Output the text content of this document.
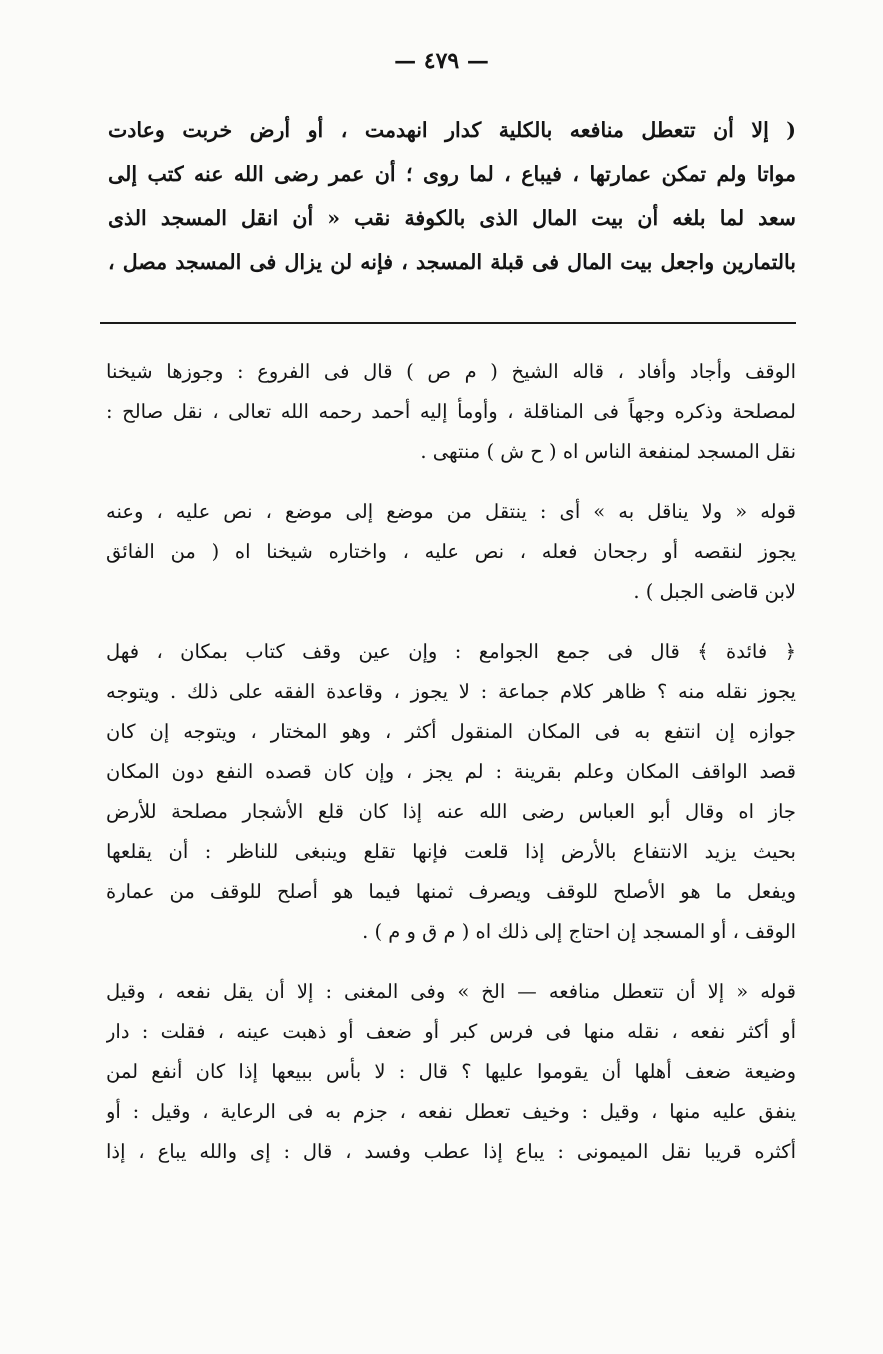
— ٤٧٩ —
( إلا أن تتعطل منافعه بالكلية كدار انهدمت ، أو أرض خربت وعادت
مواتا ولم تمكن عمارتها ، فيباع ، لما روى ؛ أن عمر رضى الله عنه كتب إلى
سعد لما بلغه أن بيت المال الذى بالكوفة نقب « أن انقل المسجد الذى
بالتمارين واجعل بيت المال فى قبلة المسجد ، فإنه لن يزال فى المسجد مصل ،
الوقف وأجاد وأفاد ، قاله الشيخ ( م ص ) قال فى الفروع : وجوزها شيخنا
لمصلحة وذكره وجهاً فى المناقلة ، وأومأ إليه أحمد رحمه الله تعالى ، نقل صالح :
نقل المسجد لمنفعة الناس اه ( ح ش ) منتهى .
قوله « ولا يناقل به » أى : ينتقل من موضع إلى موضع ، نص عليه ، وعنه
يجوز لنقصه أو رجحان فعله ، نص عليه ، واختاره شيخنا اه ( من الفائق
لابن قاضى الجبل ) .
﴿ فائدة ﴾ قال فى جمع الجوامع : وإن عين وقف كتاب بمكان ، فهل
يجوز نقله منه ؟ ظاهر كلام جماعة : لا يجوز ، وقاعدة الفقه على ذلك . ويتوجه
جوازه إن انتفع به فى المكان المنقول أكثر ، وهو المختار ، ويتوجه إن كان
قصد الواقف المكان وعلم بقرينة : لم يجز ، وإن كان قصده النفع دون المكان
جاز اه وقال أبو العباس رضى الله عنه إذا كان قلع الأشجار مصلحة للأرض
بحيث يزيد الانتفاع بالأرض إذا قلعت فإنها تقلع وينبغى للناظر : أن يقلعها
ويفعل ما هو الأصلح للوقف ويصرف ثمنها فيما هو أصلح للوقف من عمارة
الوقف ، أو المسجد إن احتاج إلى ذلك اه ( م ق و م ) .
قوله « إلا أن تتعطل منافعه — الخ » وفى المغنى : إلا أن يقل نفعه ، وقيل
أو أكثر نفعه ، نقله منها فى فرس كبر أو ضعف أو ذهبت عينه ، فقلت : دار
وضيعة ضعف أهلها أن يقوموا عليها ؟ قال : لا بأس ببيعها إذا كان أنفع لمن
ينفق عليه منها ، وقيل : وخيف تعطل نفعه ، جزم به فى الرعاية ، وقيل : أو
أكثره قريبا نقل الميمونى : يباع إذا عطب وفسد ، قال : إى والله يباع ، إذا
